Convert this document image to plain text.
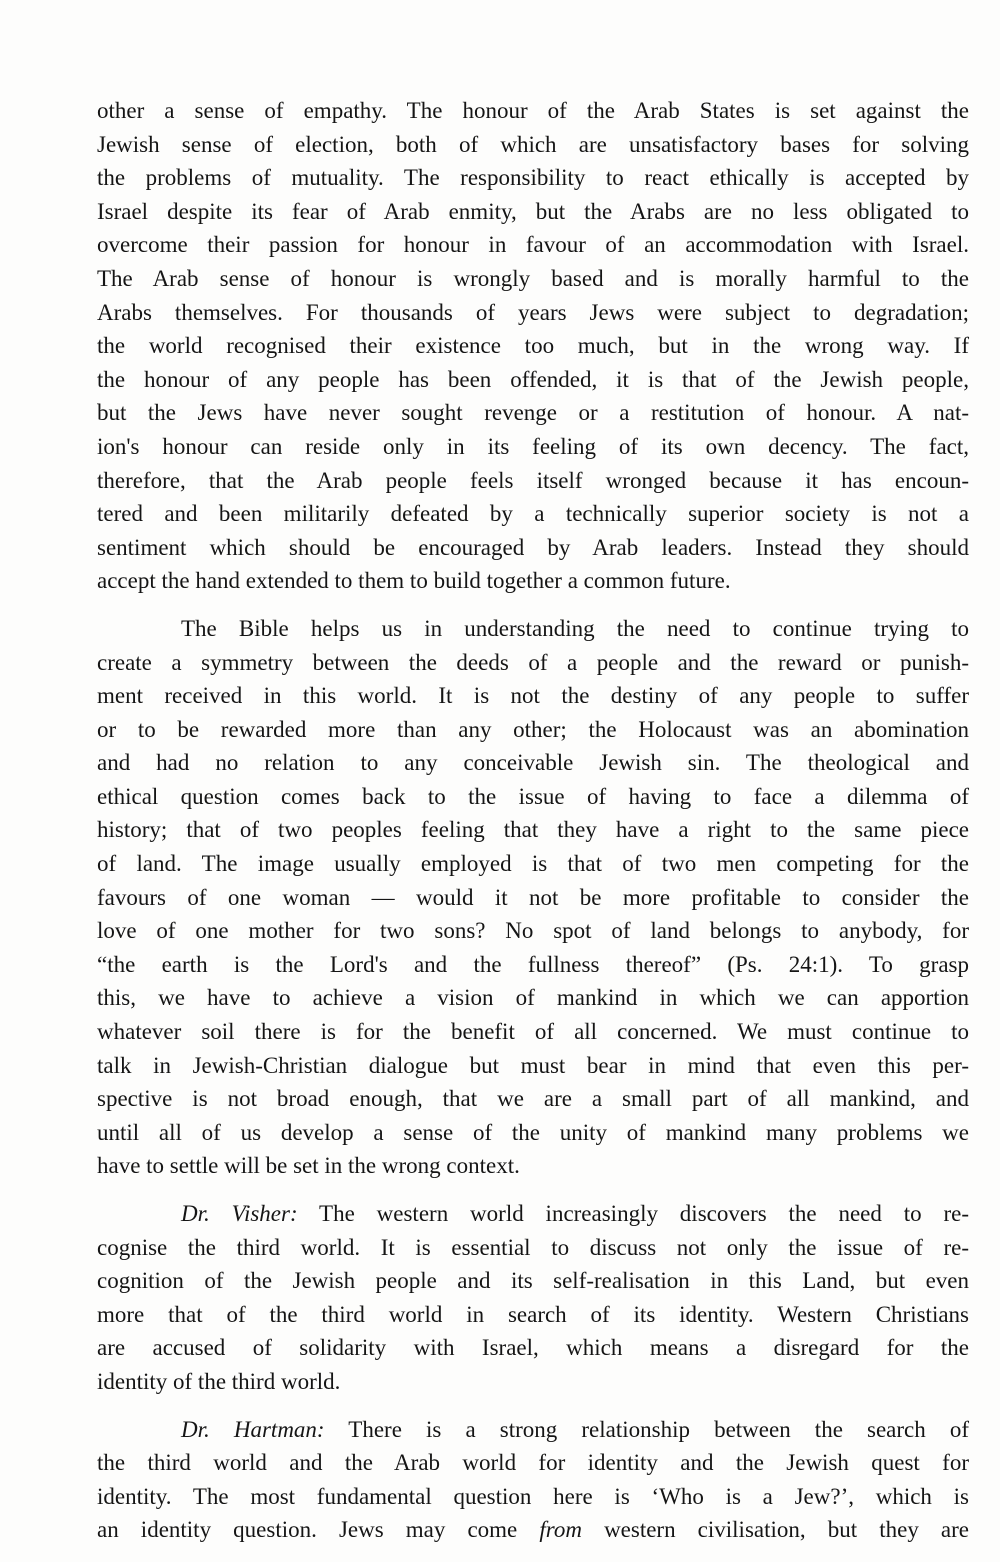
other a sense of empathy. The honour of the Arab States is set against the
Jewish sense of election, both of which are unsatisfactory bases for solving
the problems of mutuality. The responsibility to react ethically is accepted by
Israel despite its fear of Arab enmity, but the Arabs are no less obligated to
overcome their passion for honour in favour of an accommodation with Israel.
The Arab sense of honour is wrongly based and is morally harmful to the
Arabs themselves. For thousands of years Jews were subject to degradation;
the world recognised their existence too much, but in the wrong way. If
the honour of any people has been offended, it is that of the Jewish people,
but the Jews have never sought revenge or a restitution of honour. A nat-
ion's honour can reside only in its feeling of its own decency. The fact,
therefore, that the Arab people feels itself wronged because it has encoun-
tered and been militarily defeated by a technically superior society is not a
sentiment which should be encouraged by Arab leaders. Instead they should
accept the hand extended to them to build together a common future.
The Bible helps us in understanding the need to continue trying to
create a symmetry between the deeds of a people and the reward or punish-
ment received in this world. It is not the destiny of any people to suffer
or to be rewarded more than any other; the Holocaust was an abomination
and had no relation to any conceivable Jewish sin. The theological and
ethical question comes back to the issue of having to face a dilemma of
history; that of two peoples feeling that they have a right to the same piece
of land. The image usually employed is that of two men competing for the
favours of one woman — would it not be more profitable to consider the
love of one mother for two sons? No spot of land belongs to anybody, for
“the earth is the Lord's and the fullness thereof” (Ps. 24:1). To grasp
this, we have to achieve a vision of mankind in which we can apportion
whatever soil there is for the benefit of all concerned. We must continue to
talk in Jewish-Christian dialogue but must bear in mind that even this per-
spective is not broad enough, that we are a small part of all mankind, and
until all of us develop a sense of the unity of mankind many problems we
have to settle will be set in the wrong context.
Dr. Visher: The western world increasingly discovers the need to re-
cognise the third world. It is essential to discuss not only the issue of re-
cognition of the Jewish people and its self-realisation in this Land, but even
more that of the third world in search of its identity. Western Christians
are accused of solidarity with Israel, which means a disregard for the
identity of the third world.
Dr. Hartman: There is a strong relationship between the search of
the third world and the Arab world for identity and the Jewish quest for
identity. The most fundamental question here is ‘Who is a Jew?’, which is
an identity question. Jews may come from western civilisation, but they are
